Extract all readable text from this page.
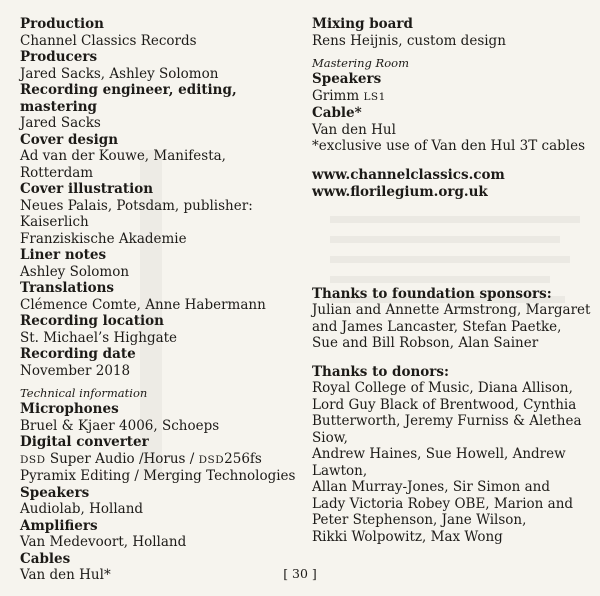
Production
Channel Classics Records
Producers
Jared Sacks, Ashley Solomon
Recording engineer, editing, mastering
Jared Sacks
Cover design
Ad van der Kouwe, Manifesta, Rotterdam
Cover illustration
Neues Palais, Potsdam, publisher: Kaiserlich
Franziskische Akademie
Liner notes
Ashley Solomon
Translations
Clémence Comte, Anne Habermann
Recording location
St. Michael’s Highgate
Recording date
November 2018
Technical information
Microphones
Bruel & Kjaer 4006, Schoeps
Digital converter
DSD Super Audio /Horus / DSD256fs
Pyramix Editing / Merging Technologies
Speakers
Audiolab, Holland
Amplifiers
Van Medevoort, Holland
Cables
Van den Hul*
Mixing board
Rens Heijnis, custom design
Mastering Room
Speakers
Grimm LS1
Cable*
Van den Hul
*exclusive use of Van den Hul 3T cables
www.channelclassics.com
www.florilegium.org.uk
Thanks to foundation sponsors:
Julian and Annette Armstrong, Margaret
and James Lancaster, Stefan Paetke,
Sue and Bill Robson, Alan Sainer
Thanks to donors:
Royal College of Music, Diana Allison,
Lord Guy Black of Brentwood, Cynthia
Butterworth, Jeremy Furniss & Alethea Siow,
Andrew Haines, Sue Howell, Andrew Lawton,
Allan Murray-Jones, Sir Simon and
Lady Victoria Robey OBE, Marion and
Peter Stephenson, Jane Wilson,
Rikki Wolpowitz, Max Wong
[ 30 ]
